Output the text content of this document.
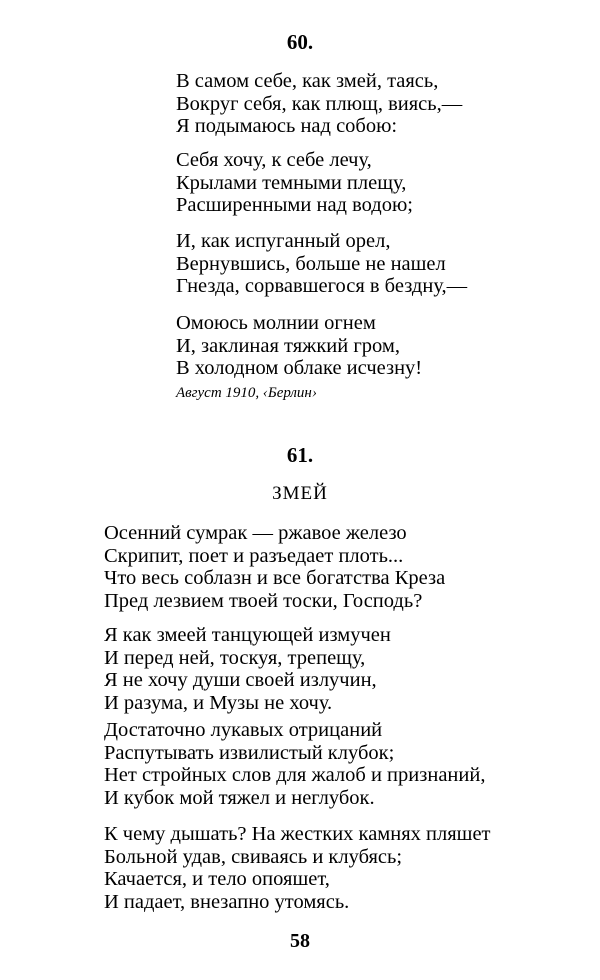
60.
В самом себе, как змей, таясь,
Вокруг себя, как плющ, виясь,—
Я подымаюсь над собою:
Себя хочу, к себе лечу,
Крылами темными плещу,
Расширенными над водою;
И, как испуганный орел,
Вернувшись, больше не нашел
Гнезда, сорвавшегося в бездну,—
Омоюсь молнии огнем
И, заклиная тяжкий гром,
В холодном облаке исчезну!
Август 1910, ‹Берлин›
61.
ЗМЕЙ
Осенний сумрак — ржавое железо
Скрипит, поет и разъедает плоть...
Что весь соблазн и все богатства Креза
Пред лезвием твоей тоски, Господь?
Я как змеей танцующей измучен
И перед ней, тоскуя, трепещу,
Я не хочу души своей излучин,
И разума, и Музы не хочу.
Достаточно лукавых отрицаний
Распутывать извилистый клубок;
Нет стройных слов для жалоб и признаний,
И кубок мой тяжел и неглубок.
К чему дышать? На жестких камнях пляшет
Больной удав, свиваясь и клубясь;
Качается, и тело опояшет,
И падает, внезапно утомясь.
58
